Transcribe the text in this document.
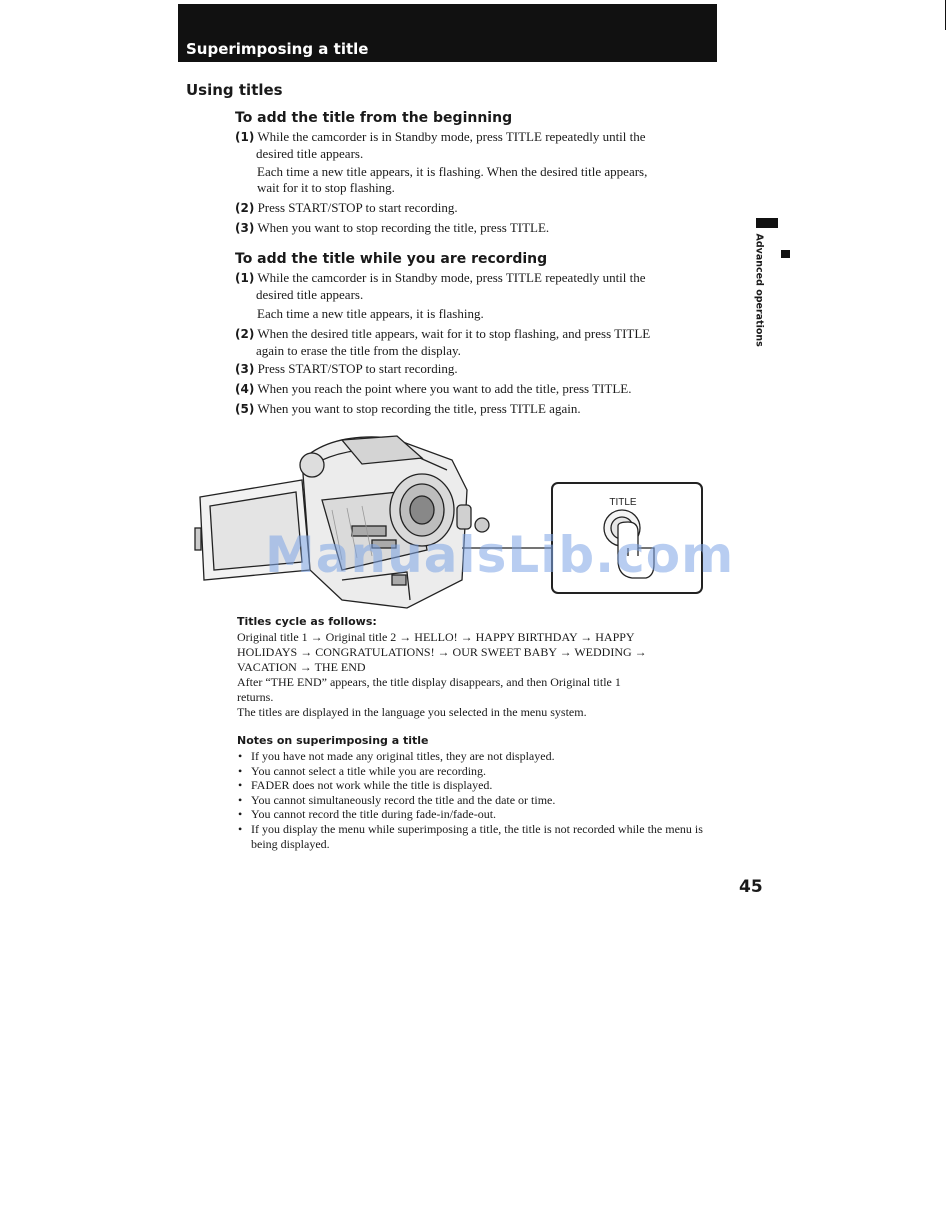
Superimposing a title
Using titles
To add the title from the beginning
(1) While the camcorder is in Standby mode, press TITLE repeatedly until the
desired title appears.
Each time a new title appears, it is flashing. When the desired title appears,
wait for it to stop flashing.
(2) Press START/STOP to start recording.
(3) When you want to stop recording the title, press TITLE.
To add the title while you are recording
(1) While the camcorder is in Standby mode, press TITLE repeatedly until the
desired title appears.
Each time a new title appears, it is flashing.
(2) When the desired title appears, wait for it to stop flashing, and press TITLE
again to erase the title from the display.
(3) Press START/STOP to start recording.
(4) When you reach the point where you want to add the title, press TITLE.
(5) When you want to stop recording the title, press TITLE again.
Advanced operations
TITLE
ManualsLib.com
Titles cycle as follows:
Original title 1 → Original title 2 → HELLO! → HAPPY BIRTHDAY → HAPPY
HOLIDAYS → CONGRATULATIONS! → OUR SWEET BABY → WEDDING →
VACATION → THE END
After “THE END” appears, the title display disappears, and then Original title 1
returns.
The titles are displayed in the language you selected in the menu system.
Notes on superimposing a title
• If you have not made any original titles, they are not displayed.
• You cannot select a title while you are recording.
• FADER does not work while the title is displayed.
• You cannot simultaneously record the title and the date or time.
• You cannot record the title during fade-in/fade-out.
• If you display the menu while superimposing a title, the title is not recorded while the menu is being displayed.
45
